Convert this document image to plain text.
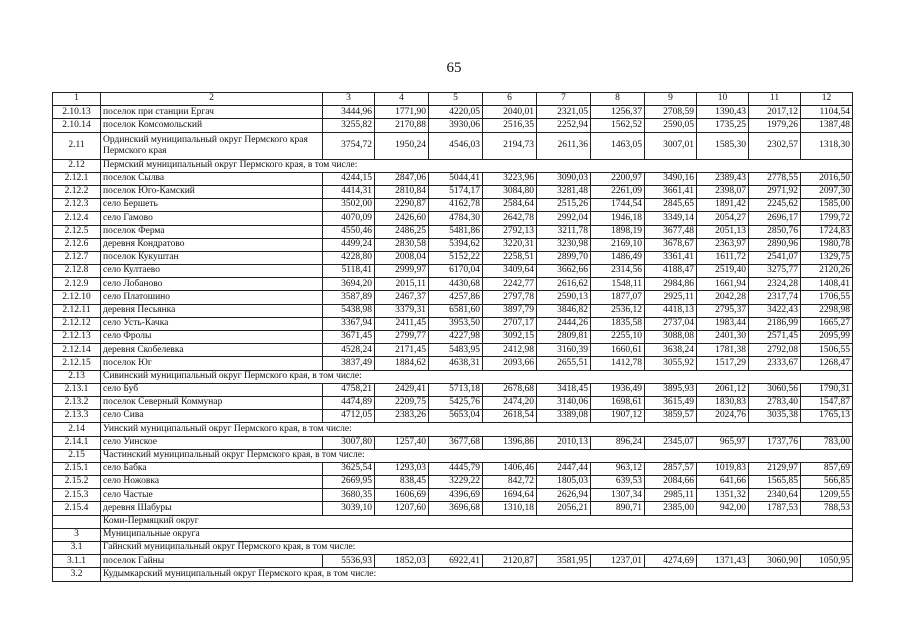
65
1	2	3	4	5	6	7	8	9	10	11	12
2.10.13	поселок при станции Ергач	3444,96	1771,90	4220,05	2040,01	2321,05	1256,37	2708,59	1390,43	2017,12	1104,54
2.10.14	поселок Комсомольский	3255,82	2170,88	3930,06	2516,35	2252,94	1562,52	2590,05	1735,25	1979,26	1387,48
2.11	Ординский муниципальный округ Пермского края Пермского края	3754,72	1950,24	4546,03	2194,73	2611,36	1463,05	3007,01	1585,30	2302,57	1318,30
2.12	Пермский муниципальный округ Пермского края, в том числе:										
2.12.1	поселок Сылва	4244,15	2847,06	5044,41	3223,96	3090,03	2200,97	3490,16	2389,43	2778,55	2016,50
2.12.2	поселок Юго-Камский	4414,31	2810,84	5174,17	3084,80	3281,48	2261,09	3661,41	2398,07	2971,92	2097,30
2.12.3	село Бершеть	3502,00	2290,87	4162,78	2584,64	2515,26	1744,54	2845,65	1891,42	2245,62	1585,00
2.12.4	село Гамово	4070,09	2426,60	4784,30	2642,78	2992,04	1946,18	3349,14	2054,27	2696,17	1799,72
2.12.5	поселок Ферма	4550,46	2486,25	5481,86	2792,13	3211,78	1898,19	3677,48	2051,13	2850,76	1724,83
2.12.6	деревня Кондратово	4499,24	2830,58	5394,62	3220,31	3230,98	2169,10	3678,67	2363,97	2890,96	1980,78
2.12.7	поселок Кукуштан	4228,80	2008,04	5152,22	2258,51	2899,70	1486,49	3361,41	1611,72	2541,07	1329,75
2.12.8	село Култаево	5118,41	2999,97	6170,04	3409,64	3662,66	2314,56	4188,47	2519,40	3275,77	2120,26
2.12.9	село Лобаново	3694,20	2015,11	4430,68	2242,77	2616,62	1548,11	2984,86	1661,94	2324,28	1408,41
2.12.10	село Платошино	3587,89	2467,37	4257,86	2797,78	2590,13	1877,07	2925,11	2042,28	2317,74	1706,55
2.12.11	деревня Песьянка	5438,98	3379,31	6581,60	3897,79	3846,82	2536,12	4418,13	2795,37	3422,43	2298,98
2.12.12	село Усть-Качка	3367,94	2411,45	3953,50	2707,17	2444,26	1835,58	2737,04	1983,44	2186,99	1665,27
2.12.13	село Фролы	3671,45	2799,77	4227,98	3092,15	2809,81	2255,10	3088,08	2401,30	2571,45	2095,99
2.12.14	деревня Скобелевка	4528,24	2171,45	5483,95	2412,98	3160,39	1660,61	3638,24	1781,38	2792,08	1506,55
2.12.15	поселок Юг	3837,49	1884,62	4638,31	2093,66	2655,51	1412,78	3055,92	1517,29	2333,67	1268,47
2.13	Сивинский муниципальный округ Пермского края, в том числе:										
2.13.1	село Буб	4758,21	2429,41	5713,18	2678,68	3418,45	1936,49	3895,93	2061,12	3060,56	1790,31
2.13.2	поселок Северный Коммунар	4474,89	2209,75	5425,76	2474,20	3140,06	1698,61	3615,49	1830,83	2783,40	1547,87
2.13.3	село Сива	4712,05	2383,26	5653,04	2618,54	3389,08	1907,12	3859,57	2024,76	3035,38	1765,13
2.14	Уинский муниципальный округ Пермского края, в том числе:										
2.14.1	село Уинское	3007,80	1257,40	3677,68	1396,86	2010,13	896,24	2345,07	965,97	1737,76	783,00
2.15	Частинский муниципальный округ Пермского края, в том числе:										
2.15.1	село Бабка	3625,54	1293,03	4445,79	1406,46	2447,44	963,12	2857,57	1019,83	2129,97	857,69
2.15.2	село Ножовка	2669,95	838,45	3229,22	842,72	1805,03	639,53	2084,66	641,66	1565,85	566,85
2.15.3	село Частые	3680,35	1606,69	4396,69	1694,64	2626,94	1307,34	2985,11	1351,32	2340,64	1209,55
2.15.4	деревня Шабуры	3039,10	1207,60	3696,68	1310,18	2056,21	890,71	2385,00	942,00	1787,53	788,53
	Коми-Пермяцкий округ										
3	Муниципальные округа										
3.1	Гайнский муниципальный округ Пермского края, в том числе:										
3.1.1	поселок Гайны	5536,93	1852,03	6922,41	2120,87	3581,95	1237,01	4274,69	1371,43	3060,90	1050,95
3.2	Кудымкарский муниципальный округ Пермского края, в том числе:										
